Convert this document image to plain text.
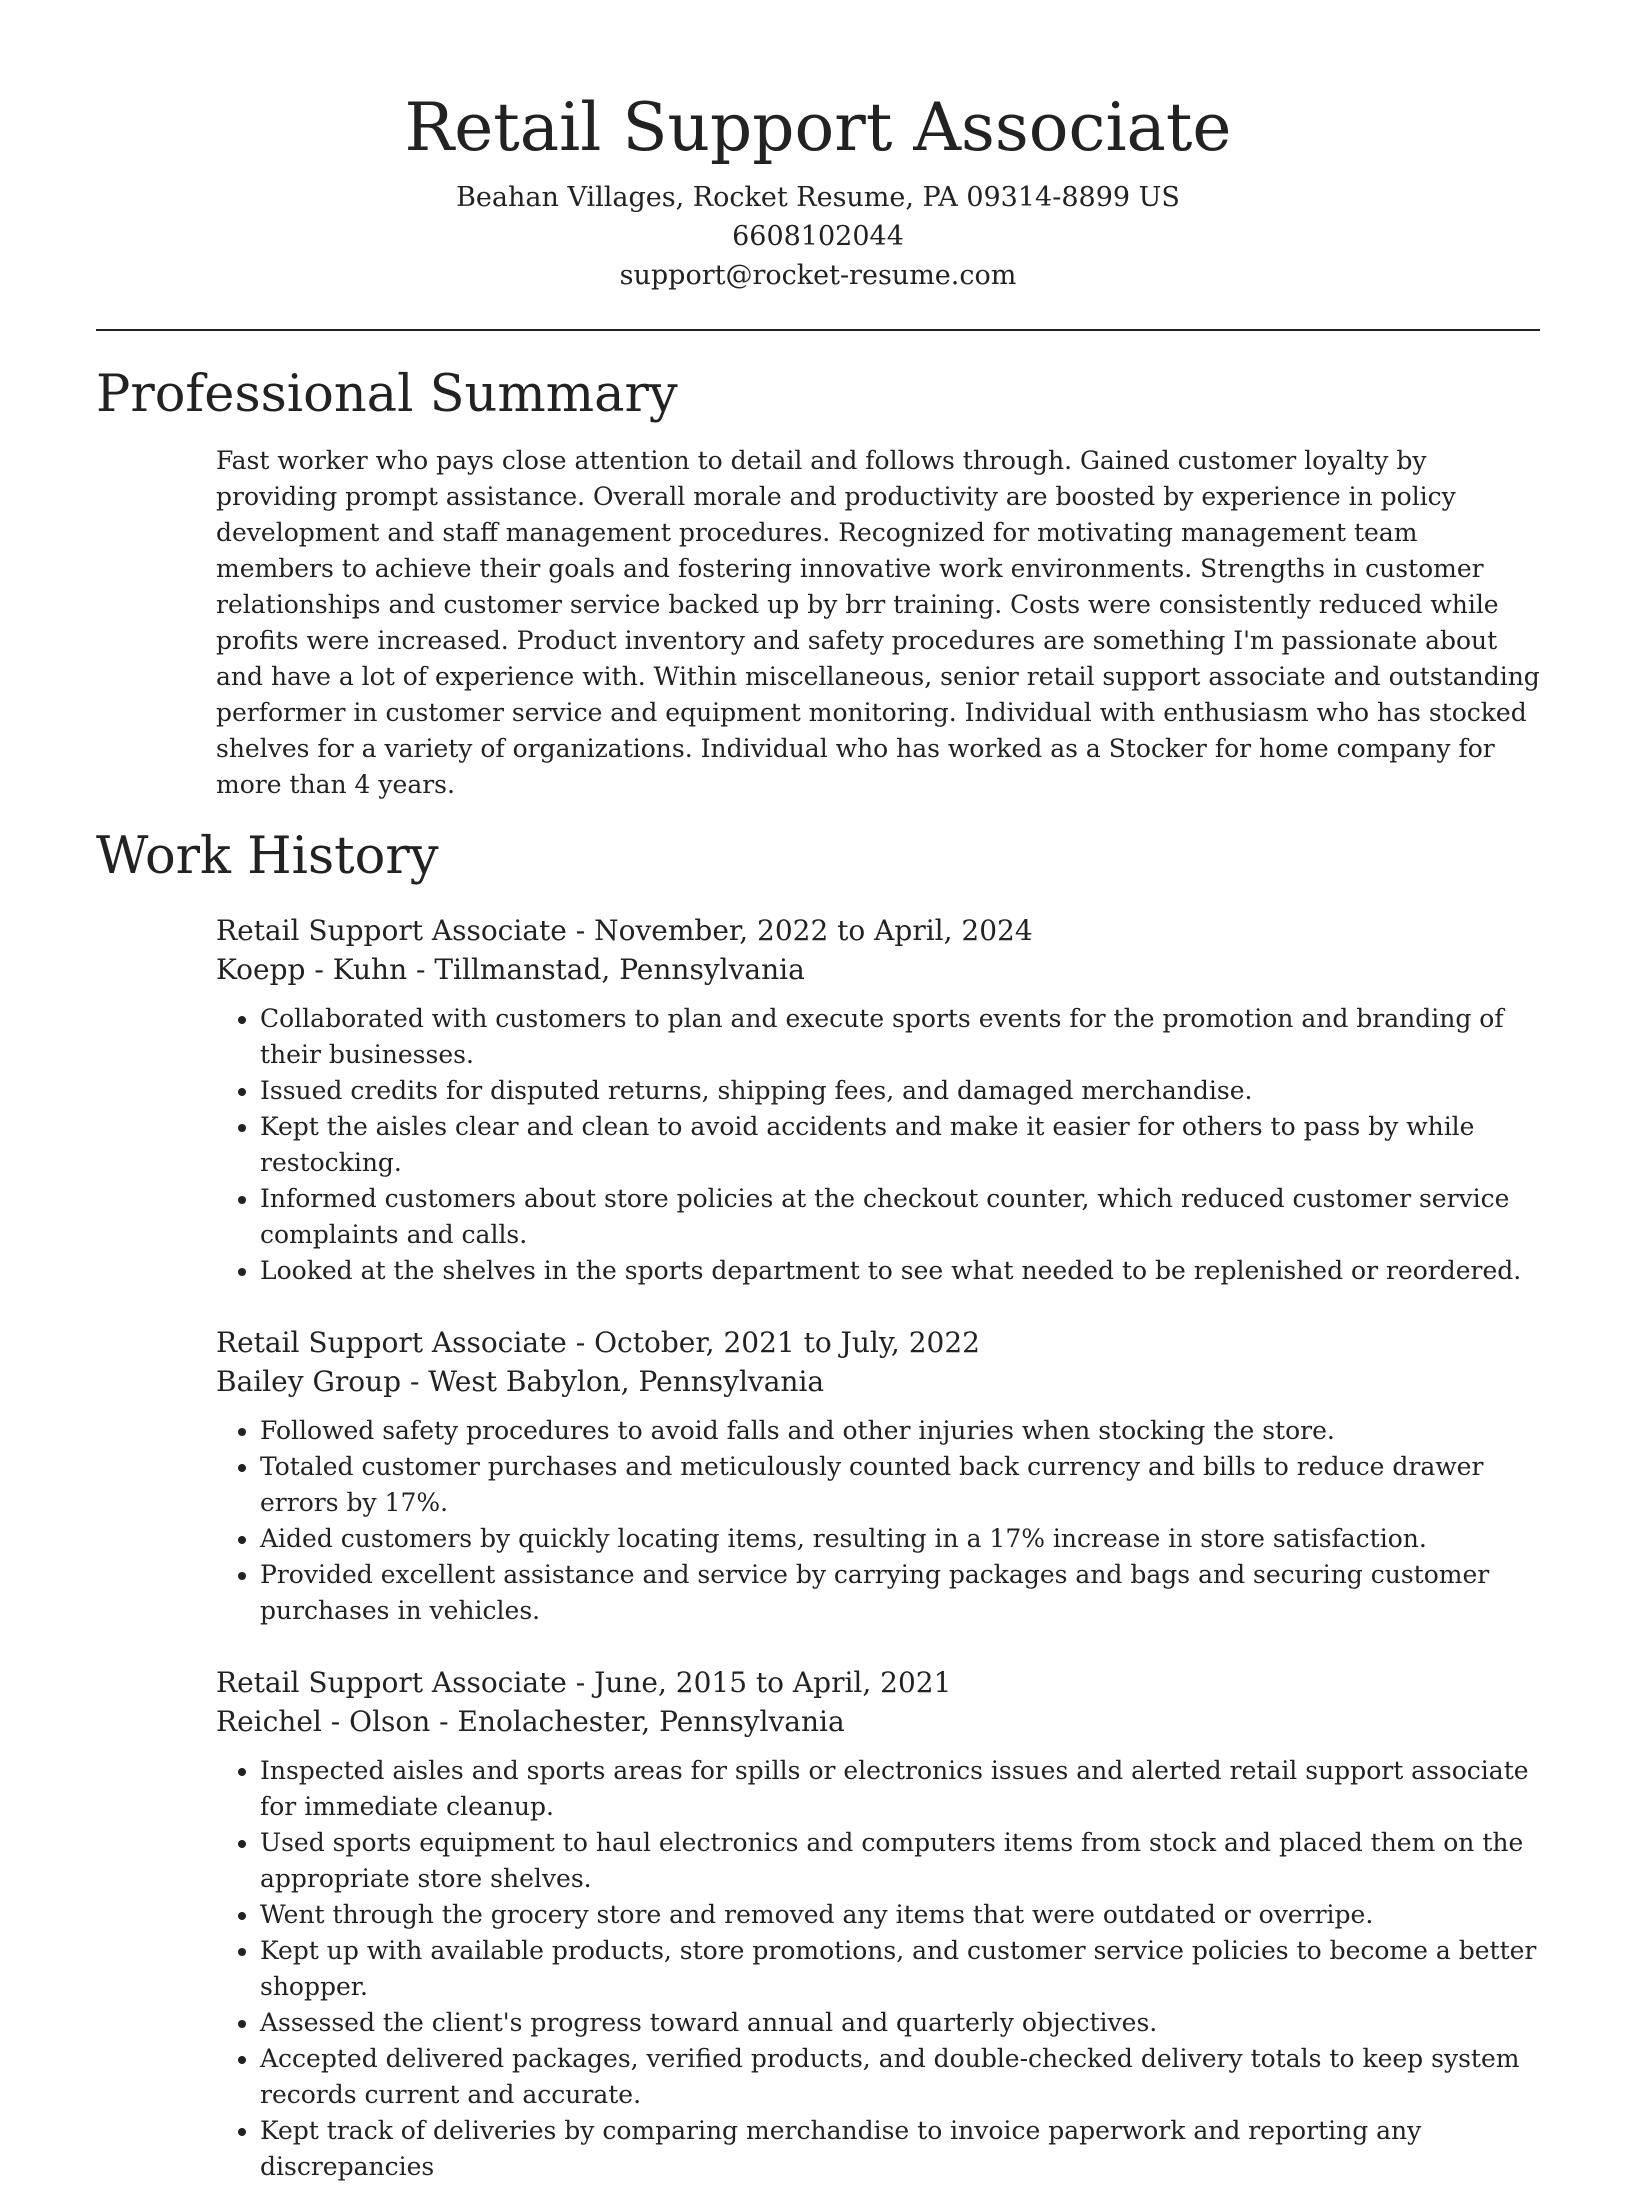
Retail Support Associate
Beahan Villages, Rocket Resume, PA 09314-8899 US
6608102044
support@rocket-resume.com
Professional Summary
Fast worker who pays close attention to detail and follows through. Gained customer loyalty by providing prompt assistance. Overall morale and productivity are boosted by experience in policy development and staff management procedures. Recognized for motivating management team members to achieve their goals and fostering innovative work environments. Strengths in customer relationships and customer service backed up by brr training. Costs were consistently reduced while profits were increased. Product inventory and safety procedures are something I'm passionate about and have a lot of experience with. Within miscellaneous, senior retail support associate and outstanding performer in customer service and equipment monitoring. Individual with enthusiasm who has stocked shelves for a variety of organizations. Individual who has worked as a Stocker for home company for more than 4 years.
Work History
Retail Support Associate - November, 2022 to April, 2024
Koepp - Kuhn - Tillmanstad, Pennsylvania
• Collaborated with customers to plan and execute sports events for the promotion and branding of their businesses.
• Issued credits for disputed returns, shipping fees, and damaged merchandise.
• Kept the aisles clear and clean to avoid accidents and make it easier for others to pass by while restocking.
• Informed customers about store policies at the checkout counter, which reduced customer service complaints and calls.
• Looked at the shelves in the sports department to see what needed to be replenished or reordered.
Retail Support Associate - October, 2021 to July, 2022
Bailey Group - West Babylon, Pennsylvania
• Followed safety procedures to avoid falls and other injuries when stocking the store.
• Totaled customer purchases and meticulously counted back currency and bills to reduce drawer errors by 17%.
• Aided customers by quickly locating items, resulting in a 17% increase in store satisfaction.
• Provided excellent assistance and service by carrying packages and bags and securing customer purchases in vehicles.
Retail Support Associate - June, 2015 to April, 2021
Reichel - Olson - Enolachester, Pennsylvania
• Inspected aisles and sports areas for spills or electronics issues and alerted retail support associate for immediate cleanup.
• Used sports equipment to haul electronics and computers items from stock and placed them on the appropriate store shelves.
• Went through the grocery store and removed any items that were outdated or overripe.
• Kept up with available products, store promotions, and customer service policies to become a better shopper.
• Assessed the client's progress toward annual and quarterly objectives.
• Accepted delivered packages, verified products, and double-checked delivery totals to keep system records current and accurate.
• Kept track of deliveries by comparing merchandise to invoice paperwork and reporting any discrepancies
